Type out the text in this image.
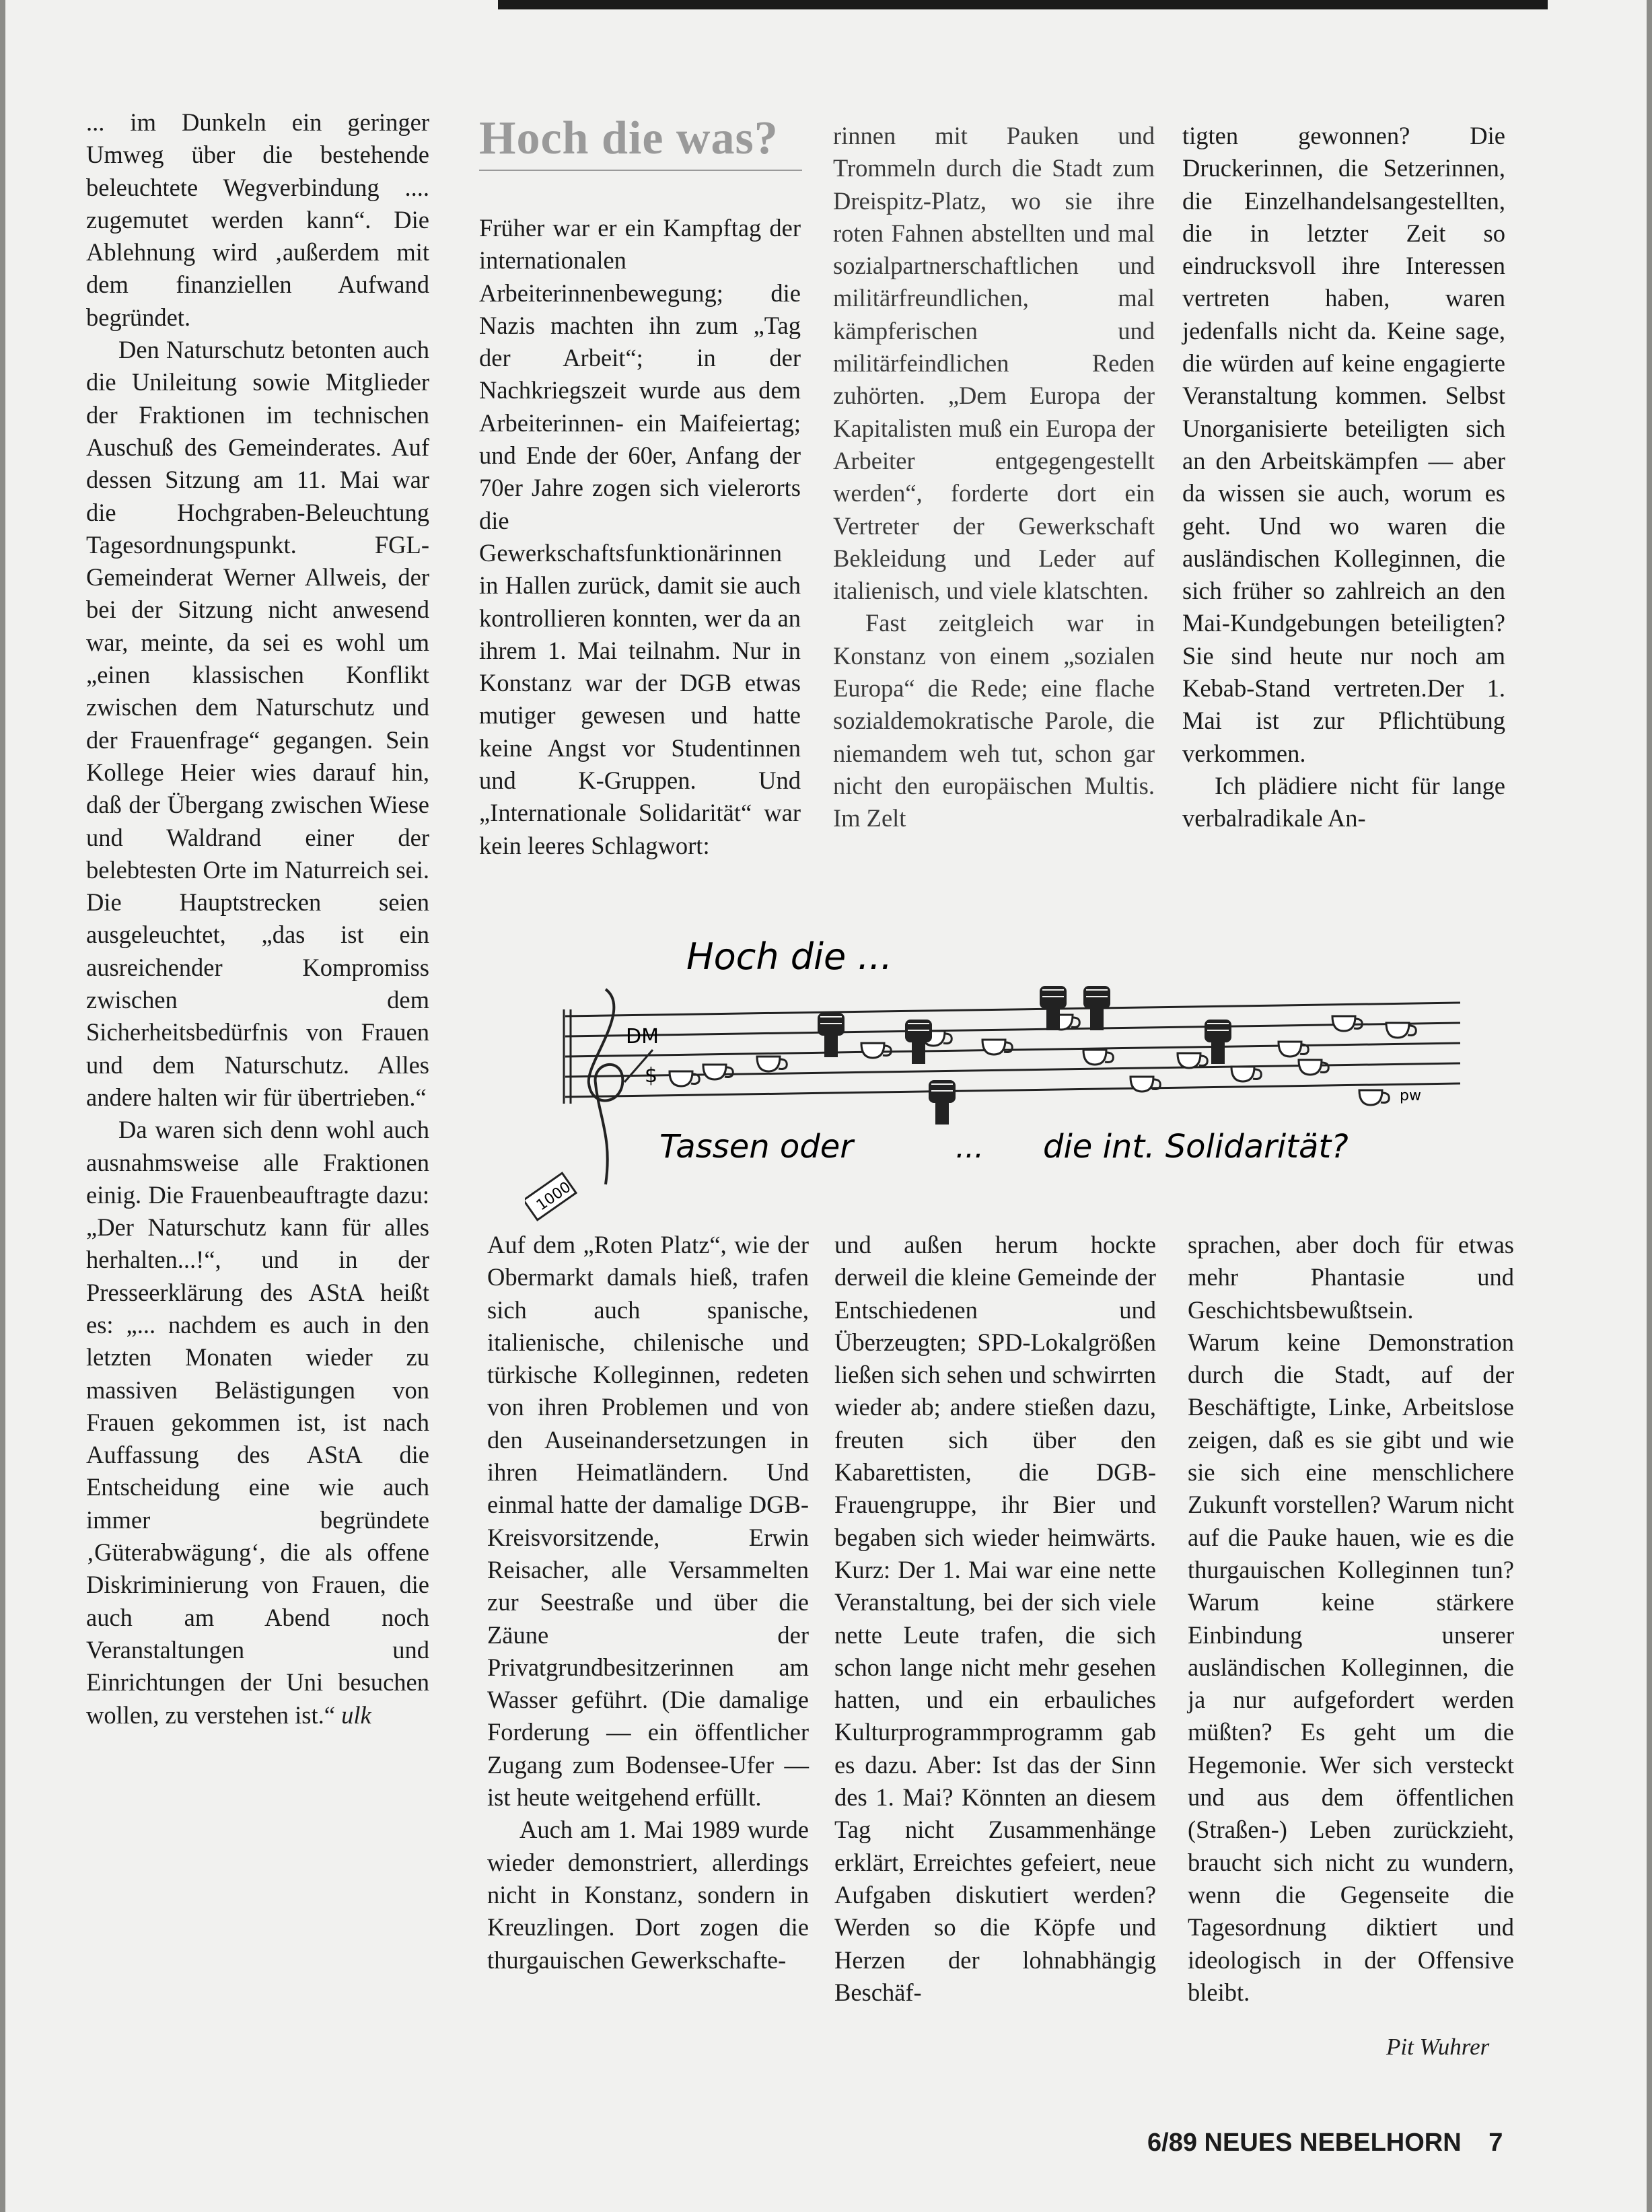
... im Dunkeln ein geringer Umweg über die bestehende beleuchtete Wegverbindung .... zugemutet werden kann“. Die Ablehnung wird ‚außerdem mit dem finanziellen Aufwand begründet.

Den Naturschutz betonten auch die Unileitung sowie Mitglieder der Fraktionen im technischen Auschuß des Gemeinderates. Auf dessen Sitzung am 11. Mai war die Hochgraben-Beleuchtung Tagesordnungspunkt. FGL-Gemeinderat Werner Allweis, der bei der Sitzung nicht anwesend war, meinte, da sei es wohl um „einen klassischen Konflikt zwischen dem Naturschutz und der Frauenfrage“ gegangen. Sein Kollege Heier wies darauf hin, daß der Übergang zwischen Wiese und Waldrand einer der belebtesten Orte im Naturreich sei. Die Hauptstrecken seien ausgeleuchtet, „das ist ein ausreichender Kompromiss zwischen dem Sicherheitsbedürfnis von Frauen und dem Naturschutz. Alles andere halten wir für übertrieben.“

Da waren sich denn wohl auch ausnahmsweise alle Fraktionen einig. Die Frauenbeauftragte dazu: „Der Naturschutz kann für alles herhalten...!“, und in der Presseerklärung des AStA heißt es: „... nachdem es auch in den letzten Monaten wieder zu massiven Belästigungen von Frauen gekommen ist, ist nach Auffassung des AStA die Entscheidung eine wie auch immer begründete ‚Güterabwägung‘, die als offene Diskriminierung von Frauen, die auch am Abend noch Veranstaltungen und Einrichtungen der Uni besuchen wollen, zu verstehen ist.“ ulk

Hoch die was?

Früher war er ein Kampftag der internationalen Arbeiterinnenbewegung; die Nazis machten ihn zum „Tag der Arbeit“; in der Nachkriegszeit wurde aus dem Arbeiterinnen- ein Maifeiertag; und Ende der 60er, Anfang der 70er Jahre zogen sich vielerorts die Gewerkschaftsfunktionärinnen in Hallen zurück, damit sie auch kontrollieren konnten, wer da an ihrem 1. Mai teilnahm. Nur in Konstanz war der DGB etwas mutiger gewesen und hatte keine Angst vor Studentinnen und K-Gruppen. Und „Internationale Solidarität“ war kein leeres Schlagwort:

rinnen mit Pauken und Trommeln durch die Stadt zum Dreispitz-Platz, wo sie ihre roten Fahnen abstellten und mal sozialpartnerschaftlichen und militärfreundlichen, mal kämpferischen und militärfeindlichen Reden zuhörten. „Dem Europa der Kapitalisten muß ein Europa der Arbeiter entgegengestellt werden“, forderte dort ein Vertreter der Gewerkschaft Bekleidung und Leder auf italienisch, und viele klatschten.

Fast zeitgleich war in Konstanz von einem „sozialen Europa“ die Rede; eine flache sozialdemokratische Parole, die niemandem weh tut, schon gar nicht den europäischen Multis. Im Zelt

tigten gewonnen? Die Druckerinnen, die Setzerinnen, die Einzelhandelsangestellten, die in letzter Zeit so eindrucksvoll ihre Interessen vertreten haben, waren jedenfalls nicht da. Keine sage, die würden auf keine engagierte Veranstaltung kommen. Selbst Unorganisierte beteiligten sich an den Arbeitskämpfen — aber da wissen sie auch, worum es geht. Und wo waren die ausländischen Kolleginnen, die sich früher so zahlreich an den Mai-Kundgebungen beteiligten? Sie sind heute nur noch am Kebab-Stand vertreten.Der 1. Mai ist zur Pflichtübung verkommen.

Ich plädiere nicht für lange verbalradikale An-

DM
$
1000
Hoch die ...
Tassen oder	... die int. Solidarität?
pw

Auf dem „Roten Platz“, wie der Obermarkt damals hieß, trafen sich auch spanische, italienische, chilenische und türkische Kolleginnen, redeten von ihren Problemen und von den Auseinandersetzungen in ihren Heimatländern. Und einmal hatte der damalige DGB-Kreisvorsitzende, Erwin Reisacher, alle Versammelten zur Seestraße und über die Zäune der Privatgrundbesitzerinnen am Wasser geführt. (Die damalige Forderung — ein öffentlicher Zugang zum Bodensee-Ufer — ist heute weitgehend erfüllt.

Auch am 1. Mai 1989 wurde wieder demonstriert, allerdings nicht in Konstanz, sondern in Kreuzlingen. Dort zogen die thurgauischen Gewerkschafte-

und außen herum hockte derweil die kleine Gemeinde der Entschiedenen und Überzeugten; SPD-Lokalgrößen ließen sich sehen und schwirrten wieder ab; andere stießen dazu, freuten sich über den Kabarettisten, die DGB-Frauengruppe, ihr Bier und begaben sich wieder heimwärts. Kurz: Der 1. Mai war eine nette Veranstaltung, bei der sich viele nette Leute trafen, die sich schon lange nicht mehr gesehen hatten, und ein erbauliches Kulturprogrammprogramm gab es dazu. Aber: Ist das der Sinn des 1. Mai? Könnten an diesem Tag nicht Zusammenhänge erklärt, Erreichtes gefeiert, neue Aufgaben diskutiert werden? Werden so die Köpfe und Herzen der lohnabhängig Beschäf-

sprachen, aber doch für etwas mehr Phantasie und Geschichtsbewußtsein.

Warum keine Demonstration durch die Stadt, auf der Beschäftigte, Linke, Arbeitslose zeigen, daß es sie gibt und wie sie sich eine menschlichere Zukunft vorstellen? Warum nicht auf die Pauke hauen, wie es die thurgauischen Kolleginnen tun? Warum keine stärkere Einbindung unserer ausländischen Kolleginnen, die ja nur aufgefordert werden müßten? Es geht um die Hegemonie. Wer sich versteckt und aus dem öffentlichen (Straßen-) Leben zurückzieht, braucht sich nicht zu wundern, wenn die Gegenseite die Tagesordnung diktiert und ideologisch in der Offensive bleibt.

Pit Wuhrer
6/89 NEUES NEBELHORN 7
